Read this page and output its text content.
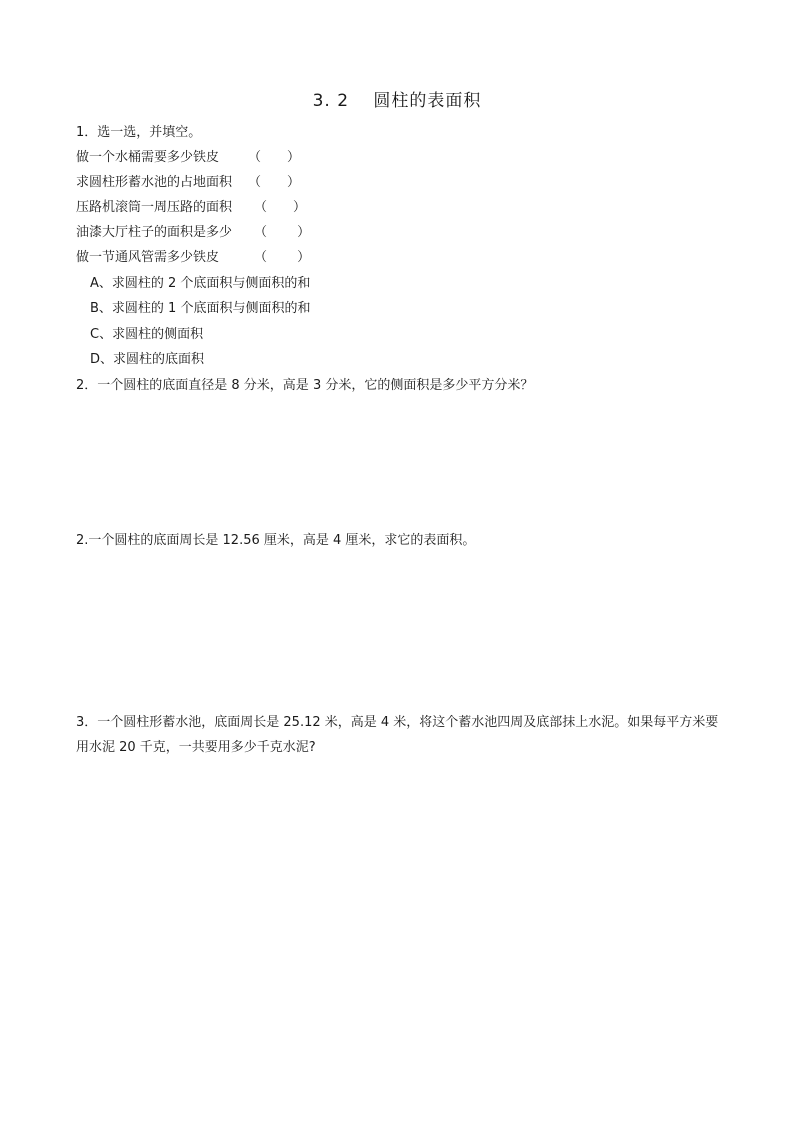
3. 2　 圆柱的表面积
1．选一选，并填空。
做一个水桶需要多少铁皮 （　　）
求圆柱形蓄水池的占地面积 （　　）
压路机滚筒一周压路的面积 （　　）
油漆大厅柱子的面积是多少 （　　 ）
做一节通风管需多少铁皮	（　　 ）
A、求圆柱的 2 个底面积与侧面积的和
B、求圆柱的 1 个底面积与侧面积的和
C、求圆柱的侧面积
D、求圆柱的底面积
2．一个圆柱的底面直径是 8 分米，高是 3 分米，它的侧面积是多少平方分米？
2.一个圆柱的底面周长是 12.56 厘米，高是 4 厘米，求它的表面积。
3．一个圆柱形蓄水池，底面周长是 25.12 米，高是 4 米，将这个蓄水池四周及底部抹上水泥。如果每平方米要用水泥 20 千克，一共要用多少千克水泥?
